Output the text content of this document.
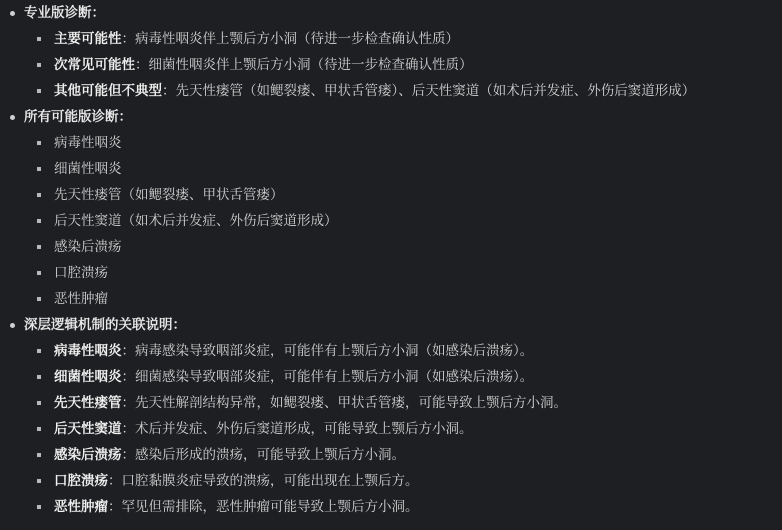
专业版诊断：
主要可能性：病毒性咽炎伴上颚后方小洞（待进一步检查确认性质）
次常见可能性：细菌性咽炎伴上颚后方小洞（待进一步检查确认性质）
其他可能但不典型：先天性瘘管（如鳃裂瘘、甲状舌管瘘）、后天性窦道（如术后并发症、外伤后窦道形成）
所有可能版诊断：
病毒性咽炎
细菌性咽炎
先天性瘘管（如鳃裂瘘、甲状舌管瘘）
后天性窦道（如术后并发症、外伤后窦道形成）
感染后溃疡
口腔溃疡
恶性肿瘤
深层逻辑机制的关联说明：
病毒性咽炎：病毒感染导致咽部炎症，可能伴有上颚后方小洞（如感染后溃疡）。
细菌性咽炎：细菌感染导致咽部炎症，可能伴有上颚后方小洞（如感染后溃疡）。
先天性瘘管：先天性解剖结构异常，如鳃裂瘘、甲状舌管瘘，可能导致上颚后方小洞。
后天性窦道：术后并发症、外伤后窦道形成，可能导致上颚后方小洞。
感染后溃疡：感染后形成的溃疡，可能导致上颚后方小洞。
口腔溃疡：口腔黏膜炎症导致的溃疡，可能出现在上颚后方。
恶性肿瘤：罕见但需排除，恶性肿瘤可能导致上颚后方小洞。
